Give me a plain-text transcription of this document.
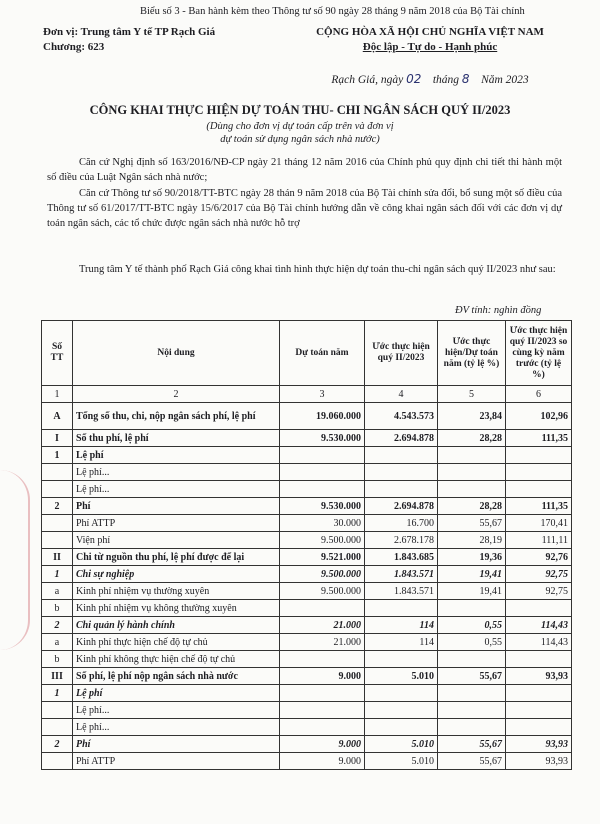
Biểu số 3 - Ban hành kèm theo Thông tư số 90 ngày 28 tháng 9 năm 2018 của Bộ Tài chính
Đơn vị: Trung tâm Y tế TP Rạch Giá
Chương: 623
CỘNG HÒA XÃ HỘI CHỦ NGHĨA VIỆT NAM
Độc lập - Tự do - Hạnh phúc
Rạch Giá, ngày 02 tháng 8 Năm 2023
CÔNG KHAI THỰC HIỆN DỰ TOÁN THU- CHI NGÂN SÁCH QUÝ II/2023
(Dùng cho đơn vị dự toán cấp trên và đơn vị
dự toán sử dụng ngân sách nhà nước)
Căn cứ Nghị định số 163/2016/NĐ-CP ngày 21 tháng 12 năm 2016 của Chính phủ quy định chi tiết thi hành một số điều của Luật Ngân sách nhà nước;
Căn cứ Thông tư số 90/2018/TT-BTC ngày 28 thán 9 năm 2018 của Bộ Tài chính sửa đổi, bổ sung một số điều của Thông tư số 61/2017/TT-BTC ngày 15/6/2017 của Bộ Tài chính hướng dẫn về công khai ngân sách đối với các đơn vị dự toán ngân sách, các tổ chức được ngân sách nhà nước hỗ trợ
Trung tâm Y tế thành phố Rạch Giá công khai tình hình thực hiện dự toán thu-chi ngân sách quý II/2023 như sau:
ĐV tính: nghìn đồng
Số TT	Nội dung	Dự toán năm	Ước thực hiện quý II/2023	Ước thực hiện/Dự toán năm (tỷ lệ %)	Ước thực hiện quý II/2023 so cùng kỳ năm trước (tỷ lệ %)
1	2	3	4	5	6
A	Tổng số thu, chi, nộp ngân sách phí, lệ phí	19.060.000	4.543.573	23,84	102,96
I	Số thu phí, lệ phí	9.530.000	2.694.878	28,28	111,35
1	Lệ phí				
	Lệ phí...				
	Lệ phí...				
2	Phí	9.530.000	2.694.878	28,28	111,35
	Phí ATTP	30.000	16.700	55,67	170,41
	Viện phí	9.500.000	2.678.178	28,19	111,11
II	Chi từ nguồn thu phí, lệ phí được để lại	9.521.000	1.843.685	19,36	92,76
1	Chi sự nghiệp	9.500.000	1.843.571	19,41	92,75
a	Kinh phí nhiệm vụ thường xuyên	9.500.000	1.843.571	19,41	92,75
b	Kinh phí nhiệm vụ không thường xuyên				
2	Chi quản lý hành chính	21.000	114	0,55	114,43
a	Kinh phí thực hiện chế độ tự chủ	21.000	114	0,55	114,43
b	Kinh phí không thực hiện chế độ tự chủ				
III	Số phí, lệ phí nộp ngân sách nhà nước	9.000	5.010	55,67	93,93
1	Lệ phí				
	Lệ phí...				
	Lệ phí...				
2	Phí	9.000	5.010	55,67	93,93
	Phí ATTP	9.000	5.010	55,67	93,93
